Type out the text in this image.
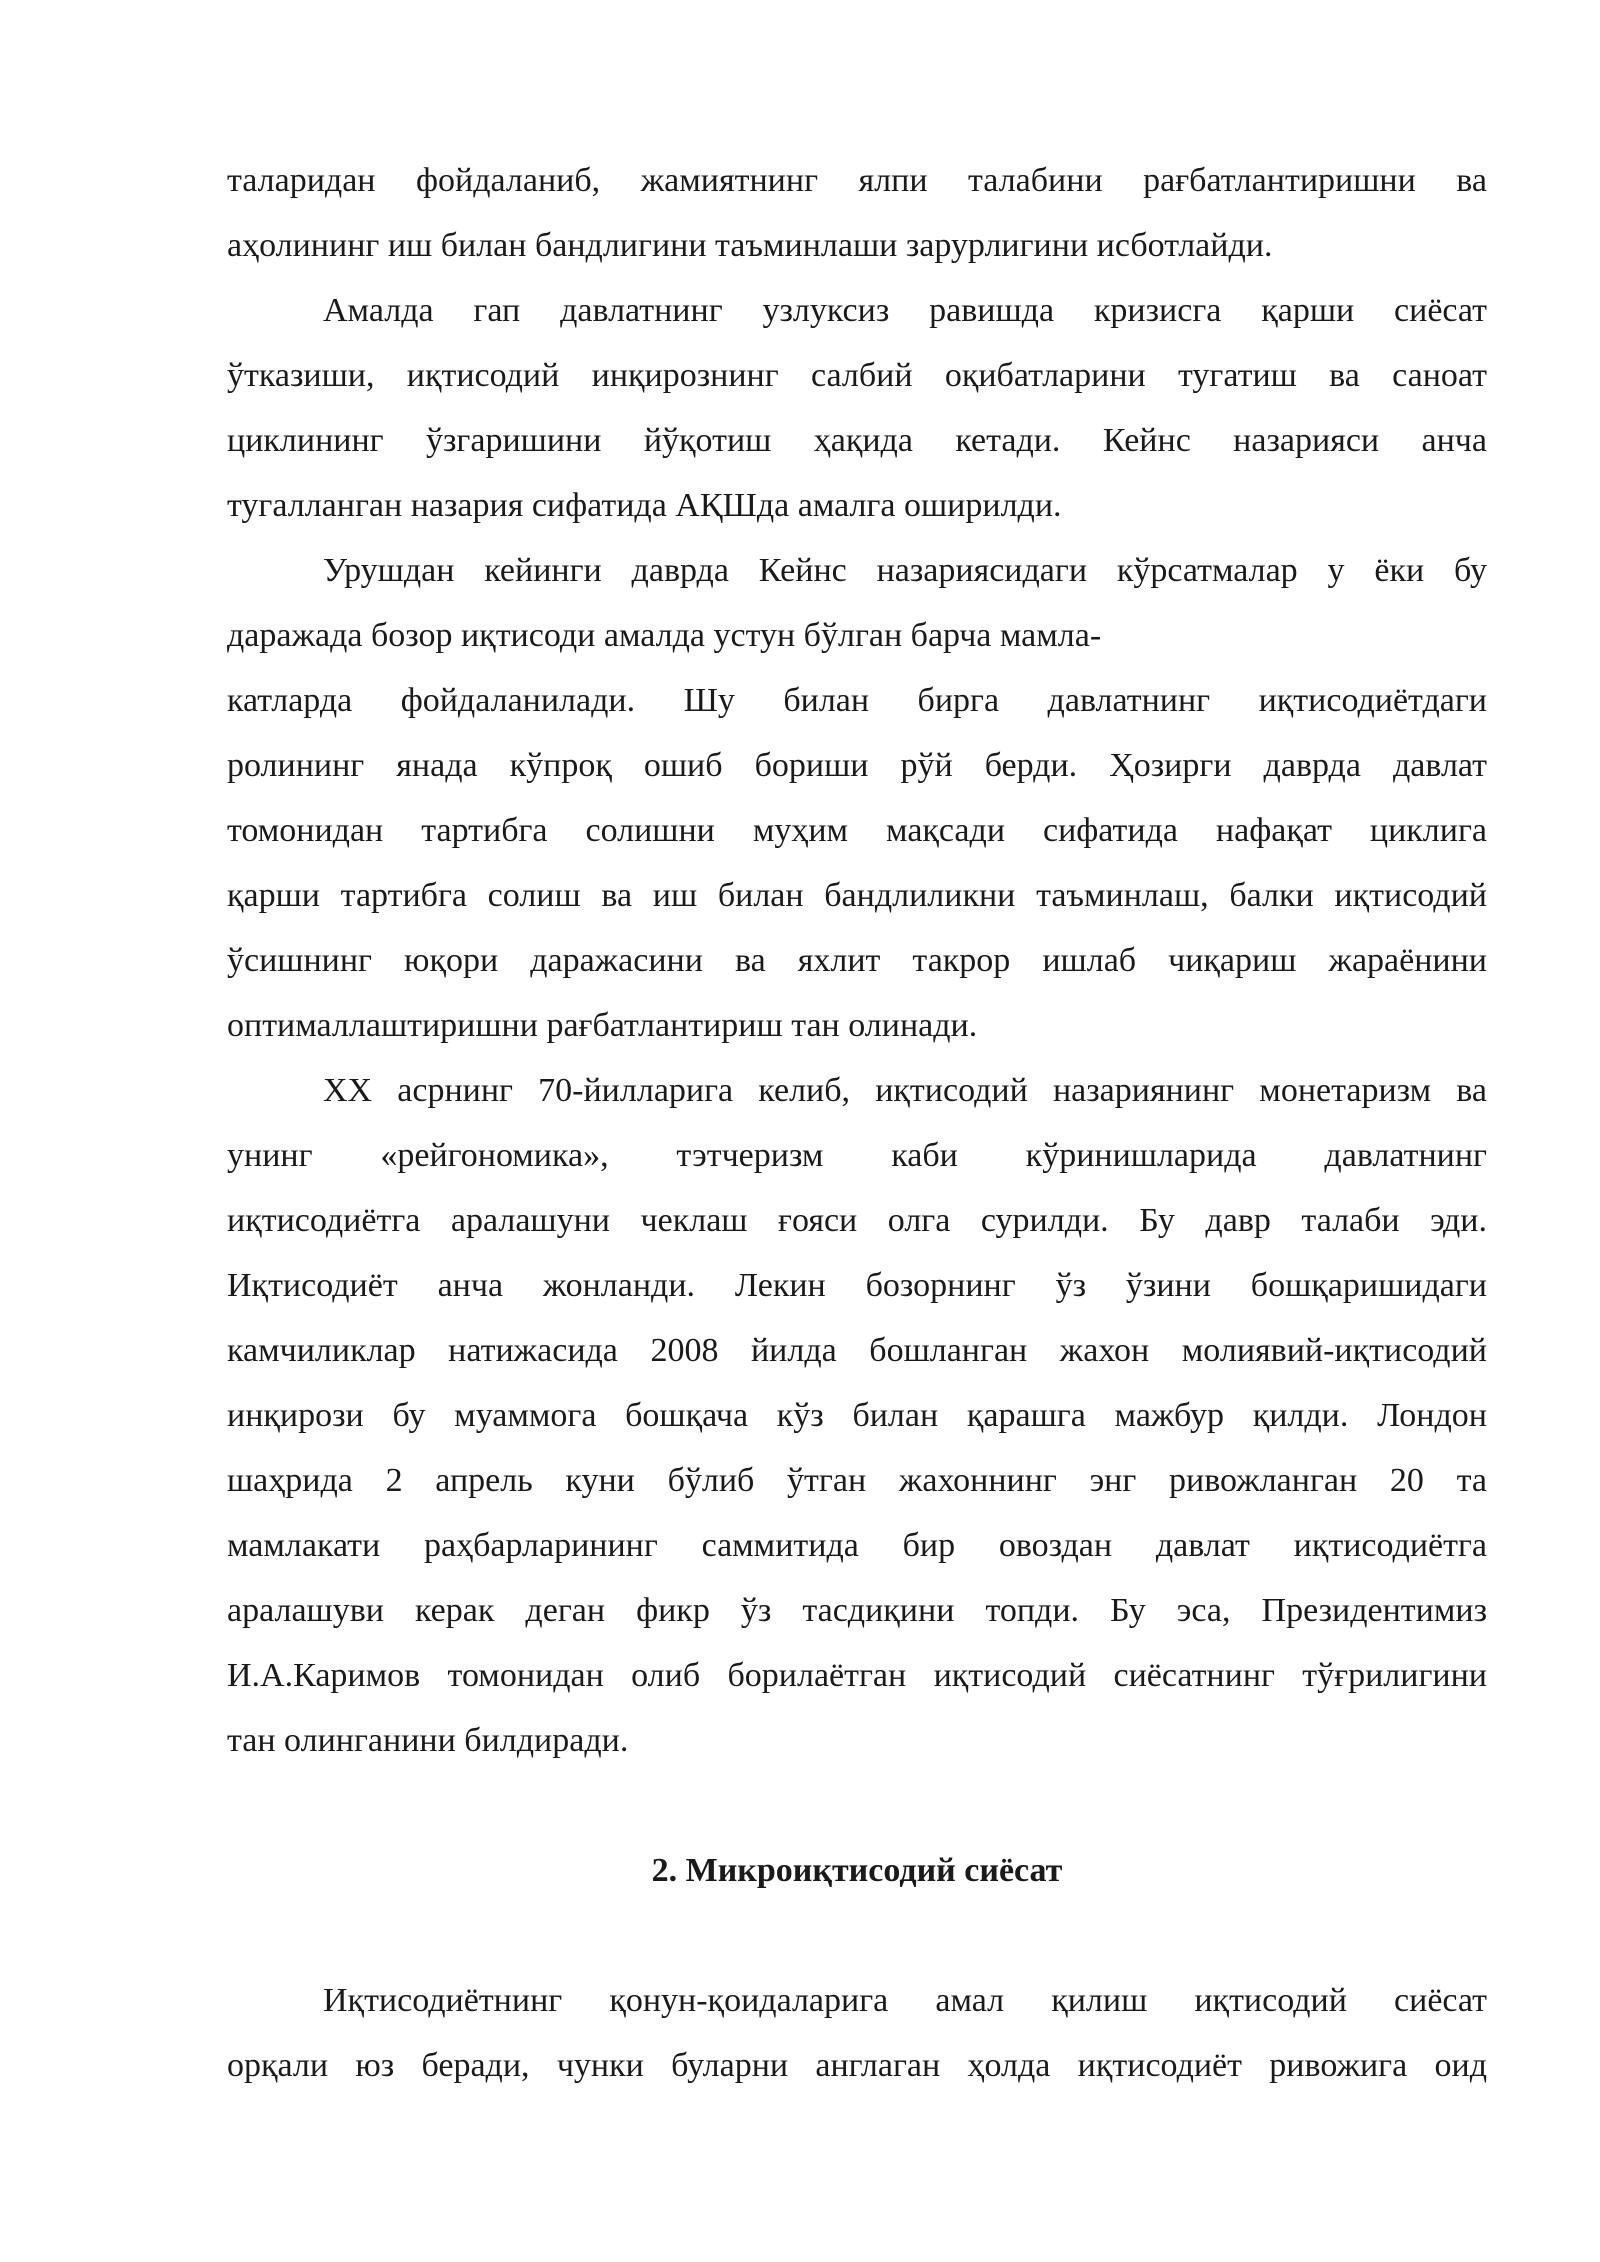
таларидан фойдаланиб, жамиятнинг ялпи талабини рағбатлантиришни ва
аҳолининг иш билан бандлигини таъминлаши зарурлигини исботлайди.

Амалда гап давлатнинг узлуксиз равишда кризисга қарши сиёсат
ўтказиши, иқтисодий инқирознинг салбий оқибатларини тугатиш ва саноат
циклининг ўзгаришини йўқотиш ҳақида кетади. Кейнс назарияси анча
тугалланган назария сифатида АҚШда амалга оширилди.

Урушдан кейинги даврда Кейнс назариясидаги кўрсатмалар у ёки бу
даражада бозор иқтисоди амалда устун бўлган барча мамла-
катларда фойдаланилади. Шу билан бирга давлатнинг иқтисодиётдаги
ролининг янада кўпроқ ошиб бориши рўй берди. Ҳозирги даврда давлат
томонидан тартибга солишни муҳим мақсади сифатида нафақат циклига
қарши тартибга солиш ва иш билан бандлиликни таъминлаш, балки иқтисодий
ўсишнинг юқори даражасини ва яхлит такрор ишлаб чиқариш жараёнини
оптималлаштиришни рағбатлантириш тан олинади.

ХХ асрнинг 70-йилларига келиб, иқтисодий назариянинг монетаризм ва
унинг «рейгономика», тэтчеризм каби кўринишларида давлатнинг
иқтисодиётга аралашуни чеклаш ғояси олга сурилди. Бу давр талаби эди.
Иқтисодиёт анча жонланди. Лекин бозорнинг ўз ўзини бошқаришидаги
камчиликлар натижасида 2008 йилда бошланган жахон молиявий-иқтисодий
инқирози бу муаммога бошқача кўз билан қарашга мажбур қилди. Лондон
шаҳрида 2 апрель куни бўлиб ўтган жахоннинг энг ривожланган 20 та
мамлакати раҳбарларининг саммитида бир овоздан давлат иқтисодиётга
аралашуви керак деган фикр ўз тасдиқини топди. Бу эса, Президентимиз
И.А.Каримов томонидан олиб борилаётган иқтисодий сиёсатнинг тўғрилигини
тан олинганини билдиради.

2. Микроиқтисодий сиёсат

Иқтисодиётнинг қонун-қоидаларига амал қилиш иқтисодий сиёсат
орқали юз беради, чунки буларни англаган ҳолда иқтисодиёт ривожига оид
